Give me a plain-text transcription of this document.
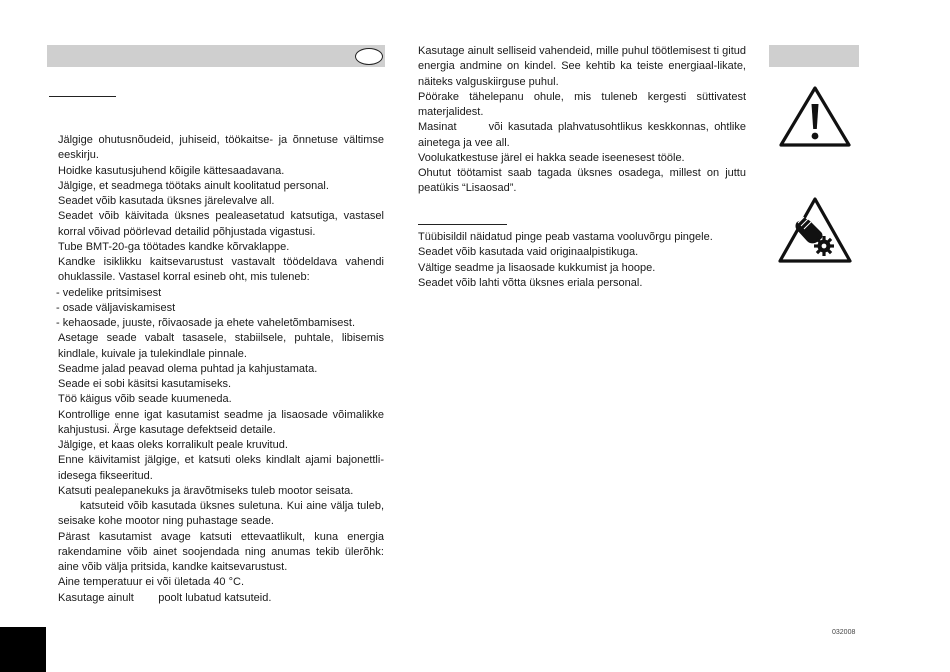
Jälgige ohutusnõudeid, juhiseid, töökaitse- ja õnnetuse vältimse eeskirju.

Hoidke kasutusjuhend kõigile kättesaadavana.

Jälgige, et seadmega töötaks ainult koolitatud personal.

Seadet võib kasutada üksnes järelevalve all.

Seadet võib käivitada üksnes pealeasetatud katsutiga, vastasel korral võivad pöörlevad detailid põhjustada vigastusi.

Tube BMT-20-ga töötades kandke kõrvaklappe.

Kandke isiklikku kaitsevarustust vastavalt töödeldava vahendi ohuklassile. Vastasel korral esineb oht, mis tuleneb:

- vedelike pritsimisest

- osade väljaviskamisest

- kehaosade, juuste, rõivaosade ja ehete vaheletõmbamisest.

Asetage seade vabalt tasasele, stabiilsele, puhtale, libisemis kindlale, kuivale ja tulekindlale pinnale.

Seadme jalad peavad olema puhtad ja kahjustamata.

Seade ei sobi käsitsi kasutamiseks.

Töö käigus võib seade kuumeneda.

Kontrollige enne igat kasutamist seadme ja lisaosade võimalikke kahjustusi. Ärge kasutage defektseid detaile.

Jälgige, et kaas oleks korralikult peale kruvitud.

Enne käivitamist jälgige, et katsuti oleks kindlalt ajami bajonettli-idesega fikseeritud.

Katsuti pealepanekuks ja äravõtmiseks tuleb mootor seisata.

katsuteid võib kasutada üksnes suletuna. Kui aine välja tuleb, seisake kohe mootor ning puhastage seade.

Pärast kasutamist avage katsuti ettevaatlikult, kuna energia rakendamine võib ainet soojendada ning anumas tekib ülerõhk: aine võib välja pritsida, kandke kaitsevarustust.

Aine temperatuur ei või ületada 40 °C.

Kasutage ainult        poolt lubatud katsuteid.

Kasutage ainult selliseid vahendeid, mille puhul töötlemisest ti gitud energia andmine on kindel. See kehtib ka teiste energiaal-likate, näiteks valguskiirguse puhul.

Pöörake tähelepanu ohule, mis tuleneb kergesti süttivatest materjalidest.

Masinat      või kasutada plahvatusohtlikus keskkonnas, ohtlike ainetega ja vee all.

Voolukatkestuse järel ei hakka seade iseenesest tööle.

Ohutut töötamist saab tagada üksnes osadega, millest on juttu peatükis “Lisaosad”.

Tüübisildil näidatud pinge peab vastama vooluvõrgu pingele.

Seadet võib kasutada vaid originaalpistikuga.

Vältige seadme ja lisaosade kukkumist ja hoope.

Seadet võib lahti võtta üksnes eriala personal.

032008
